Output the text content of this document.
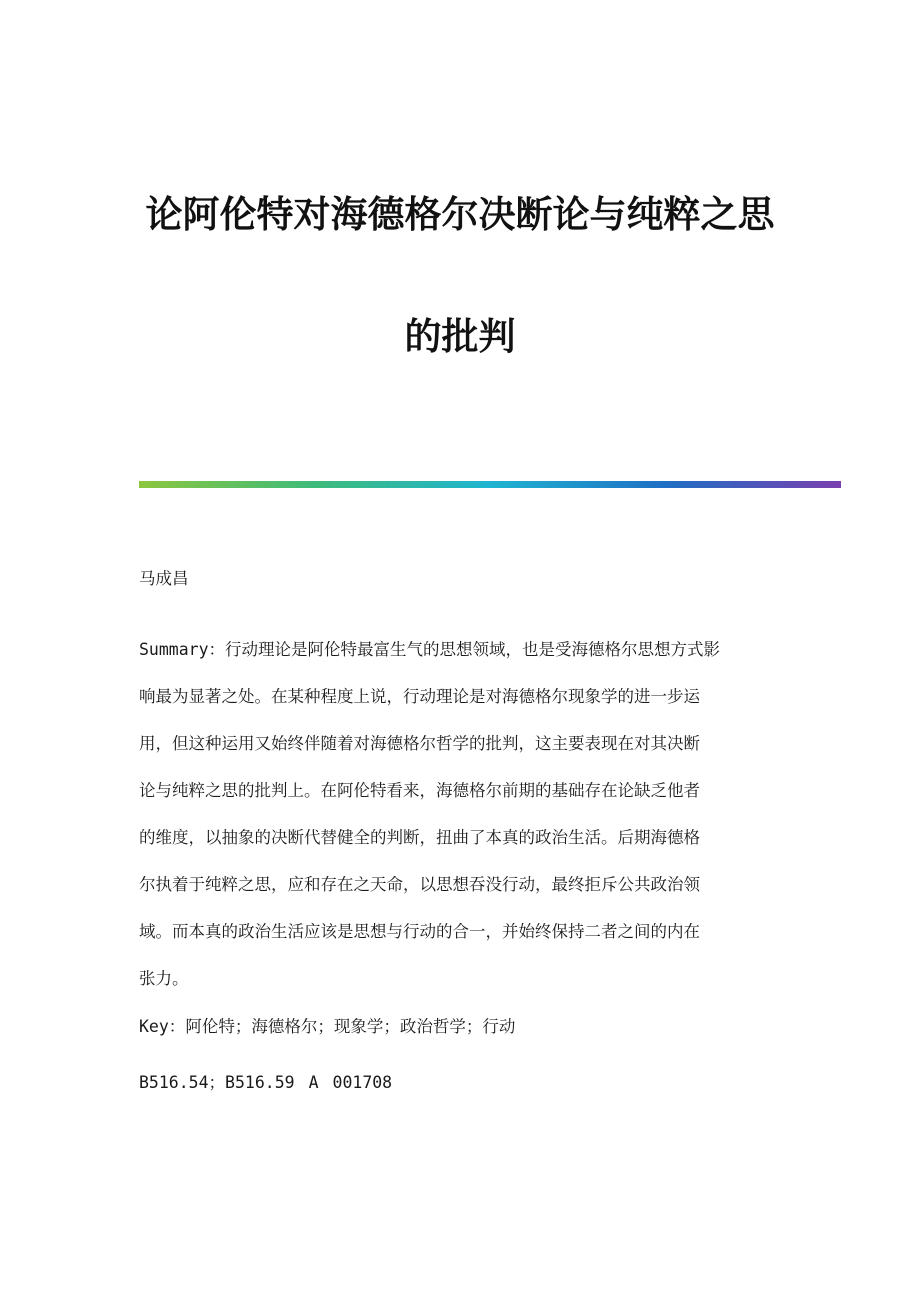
论阿伦特对海德格尔决断论与纯粹之思
的批判
马成昌
Summary：行动理论是阿伦特最富生气的思想领域，也是受海德格尔思想方式影
响最为显著之处。在某种程度上说，行动理论是对海德格尔现象学的进一步运
用，但这种运用又始终伴随着对海德格尔哲学的批判，这主要表现在对其决断
论与纯粹之思的批判上。在阿伦特看来，海德格尔前期的基础存在论缺乏他者
的维度，以抽象的决断代替健全的判断，扭曲了本真的政治生活。后期海德格
尔执着于纯粹之思，应和存在之天命，以思想吞没行动，最终拒斥公共政治领
域。而本真的政治生活应该是思想与行动的合一，并始终保持二者之间的内在
张力。
Key：阿伦特；海德格尔；现象学；政治哲学；行动
B516.54；B516.59 A 001708
